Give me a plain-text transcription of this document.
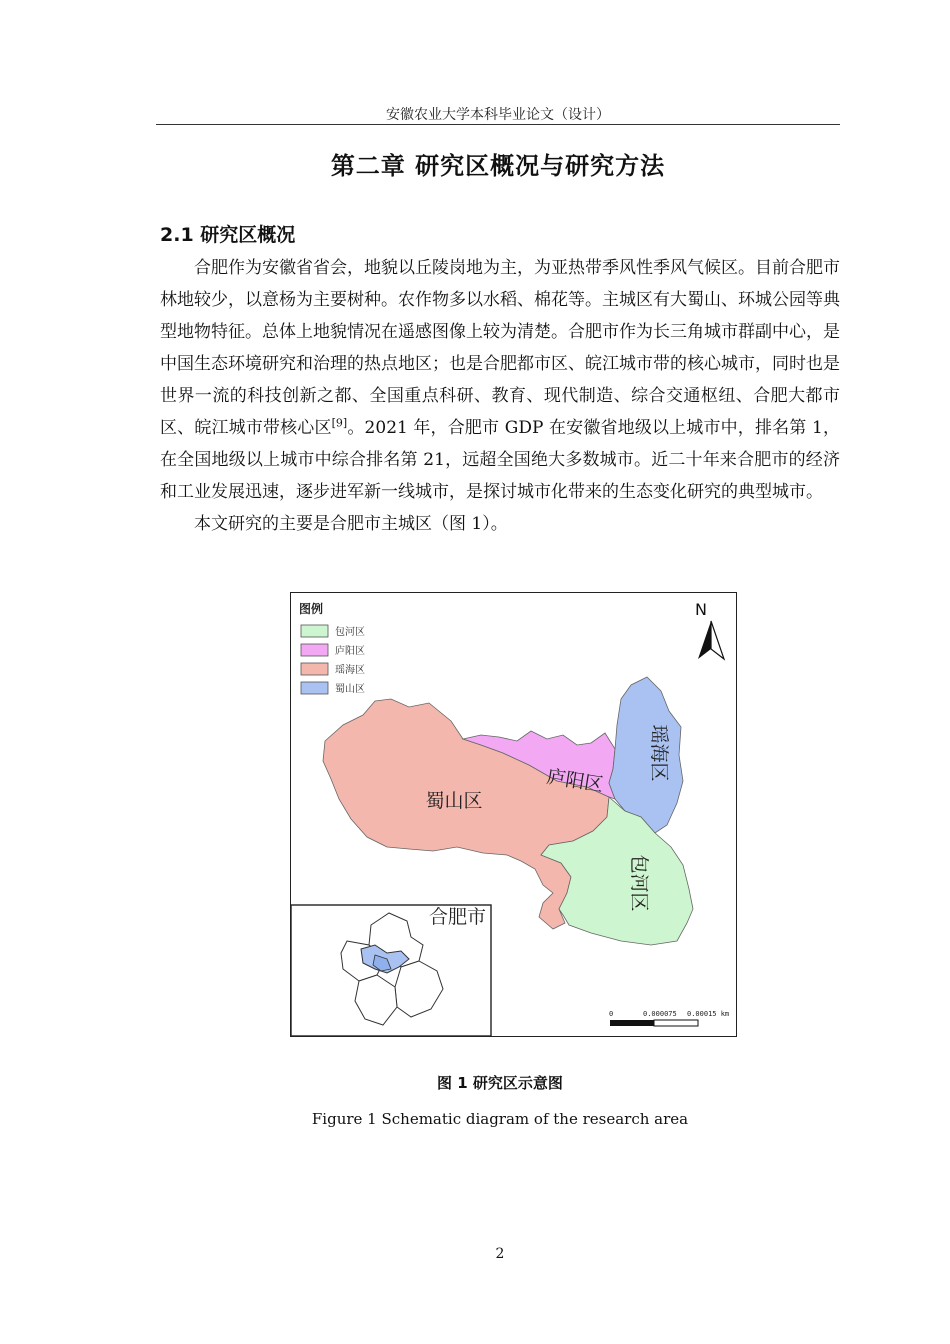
安徽农业大学本科毕业论文（设计）
第二章 研究区概况与研究方法
2.1 研究区概况

合肥作为安徽省省会，地貌以丘陵岗地为主，为亚热带季风性季风气候区。目前合肥市林地较少，以意杨为主要树种。农作物多以水稻、棉花等。主城区有大蜀山、环城公园等典型地物特征。总体上地貌情况在遥感图像上较为清楚。合肥市作为长三角城市群副中心，是中国生态环境研究和治理的热点地区；也是合肥都市区、皖江城市带的核心城市，同时也是世界一流的科技创新之都、全国重点科研、教育、现代制造、综合交通枢纽、合肥大都市区、皖江城市带核心区[9]。2021 年，合肥市 GDP 在安徽省地级以上城市中，排名第 1，在全国地级以上城市中综合排名第 21，远超全国绝大多数城市。近二十年来合肥市的经济和工业发展迅速，逐步进军新一线城市，是探讨城市化带来的生态变化研究的典型城市。

本文研究的主要是合肥市主城区（图 1）。

图例
包河区
庐阳区
瑶海区
蜀山区
N
蜀山区
庐阳区 瑶海区
包河区
合肥市
0	0.000075 0.00015 km
图 1 研究区示意图
Figure 1 Schematic diagram of the research area
2
